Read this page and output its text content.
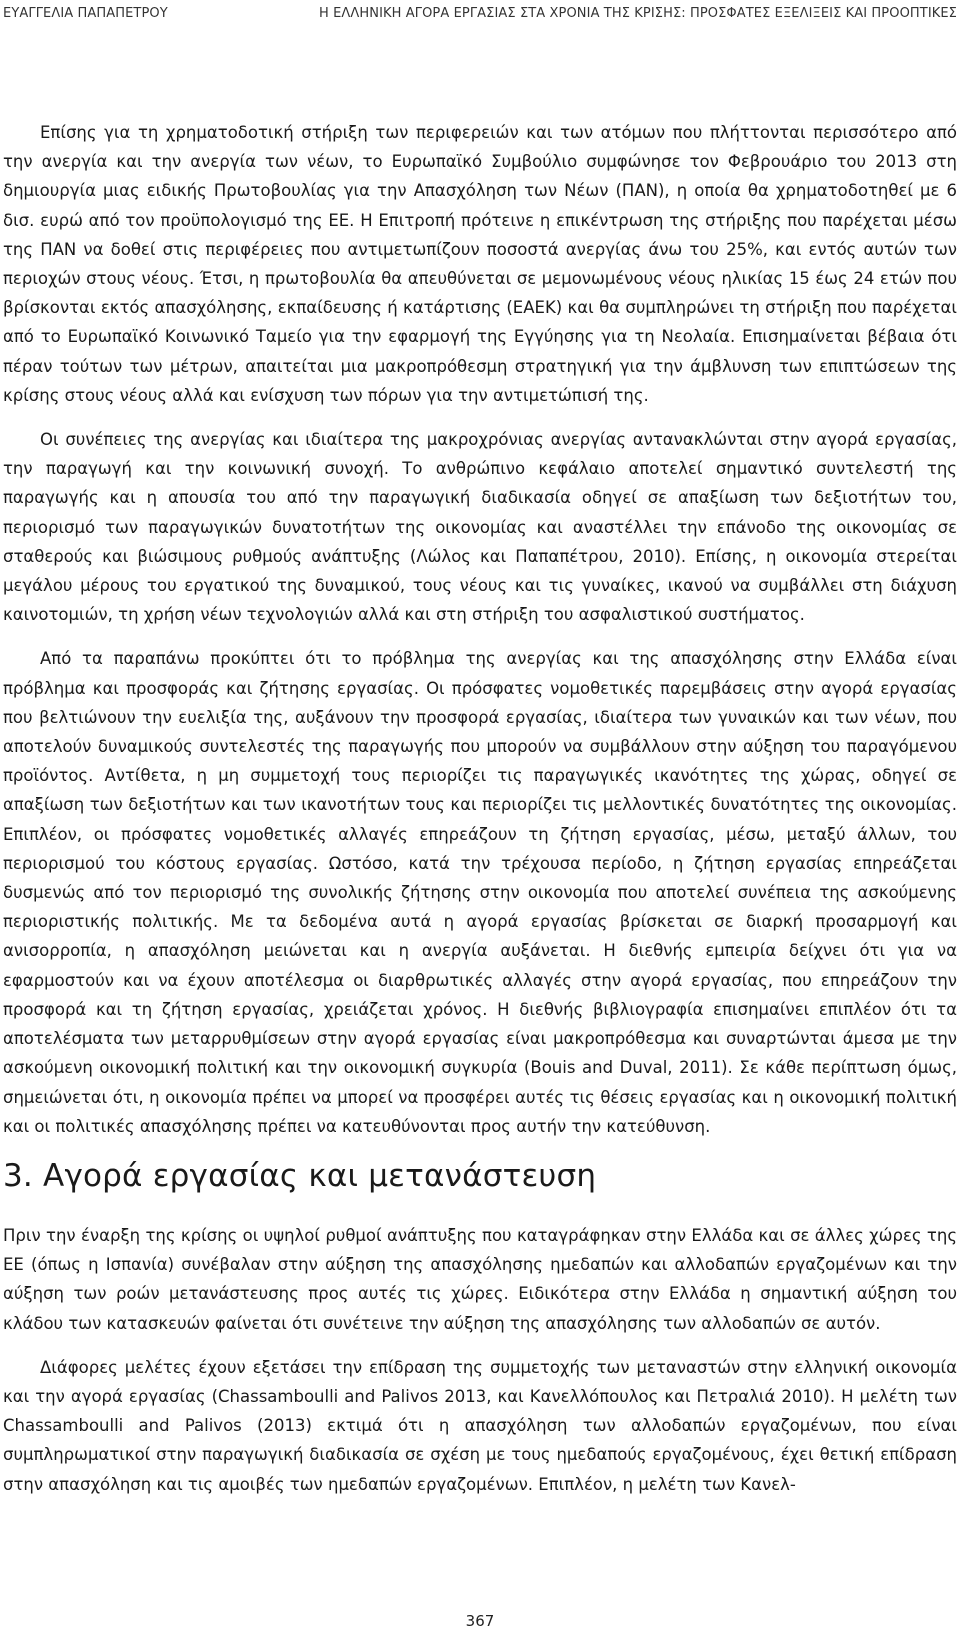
ΕΥΑΓΓΕΛΙΑ ΠΑΠΑΠΕΤΡΟΥ	Η ΕΛΛΗΝΙΚΗ ΑΓΟΡΑ ΕΡΓΑΣΙΑΣ ΣΤΑ ΧΡΟΝΙΑ ΤΗΣ ΚΡΙΣΗΣ: ΠΡΟΣΦΑΤΕΣ ΕΞΕΛΙΞΕΙΣ ΚΑΙ ΠΡΟΟΠΤΙΚΕΣ

Επίσης για τη χρηματοδοτική στήριξη των περιφερειών και των ατόμων που πλήττονται περισσότερο από την ανεργία και την ανεργία των νέων, το Ευρωπαϊκό Συμβούλιο συμφώνησε τον Φεβρουάριο του 2013 στη δημιουργία μιας ειδικής Πρωτοβουλίας για την Απασχόληση των Νέων (ΠΑΝ), η οποία θα χρηματοδοτηθεί με 6 δισ. ευρώ από τον προϋπολογισμό της ΕΕ. Η Επιτροπή πρότεινε η επικέντρωση της στήριξης που παρέχεται μέσω της ΠΑΝ να δοθεί στις περιφέρειες που αντιμετωπίζουν ποσοστά ανεργίας άνω του 25%, και εντός αυτών των περιοχών στους νέους. Έτσι, η πρωτοβουλία θα απευθύνεται σε μεμονωμένους νέους ηλικίας 15 έως 24 ετών που βρίσκονται εκτός απασχόλησης, εκπαίδευσης ή κατάρτισης (ΕΑΕΚ) και θα συμπληρώνει τη στήριξη που παρέχεται από το Ευρωπαϊκό Κοινωνικό Ταμείο για την εφαρμογή της Εγγύησης για τη Νεολαία. Επισημαίνεται βέβαια ότι πέραν τούτων των μέτρων, απαιτείται μια μακροπρόθεσμη στρατηγική για την άμβλυνση των επιπτώσεων της κρίσης στους νέους αλλά και ενίσχυση των πόρων για την αντιμετώπισή της.

Οι συνέπειες της ανεργίας και ιδιαίτερα της μακροχρόνιας ανεργίας αντανακλώνται στην αγορά εργασίας, την παραγωγή και την κοινωνική συνοχή. Το ανθρώπινο κεφάλαιο αποτελεί σημαντικό συντελεστή της παραγωγής και η απουσία του από την παραγωγική διαδικασία οδηγεί σε απαξίωση των δεξιοτήτων του, περιορισμό των παραγωγικών δυνατοτήτων της οικονομίας και αναστέλλει την επάνοδο της οικονομίας σε σταθερούς και βιώσιμους ρυθμούς ανάπτυξης (Λώλος και Παπαπέτρου, 2010). Επίσης, η οικονομία στερείται μεγάλου μέρους του εργατικού της δυναμικού, τους νέους και τις γυναίκες, ικανού να συμβάλλει στη διάχυση καινοτομιών, τη χρήση νέων τεχνολογιών αλλά και στη στήριξη του ασφαλιστικού συστήματος.

Από τα παραπάνω προκύπτει ότι το πρόβλημα της ανεργίας και της απασχόλησης στην Ελλάδα είναι πρόβλημα και προσφοράς και ζήτησης εργασίας. Οι πρόσφατες νομοθετικές παρεμβάσεις στην αγορά εργασίας που βελτιώνουν την ευελιξία της, αυξάνουν την προσφορά εργασίας, ιδιαίτερα των γυναικών και των νέων, που αποτελούν δυναμικούς συντελεστές της παραγωγής που μπορούν να συμβάλλουν στην αύξηση του παραγόμενου προϊόντος. Αντίθετα, η μη συμμετοχή τους περιορίζει τις παραγωγικές ικανότητες της χώρας, οδηγεί σε απαξίωση των δεξιοτήτων και των ικανοτήτων τους και περιορίζει τις μελλοντικές δυνατότητες της οικονομίας. Επιπλέον, οι πρόσφατες νομοθετικές αλλαγές επηρεάζουν τη ζήτηση εργασίας, μέσω, μεταξύ άλλων, του περιορισμού του κόστους εργασίας. Ωστόσο, κατά την τρέχουσα περίοδο, η ζήτηση εργασίας επηρεάζεται δυσμενώς από τον περιορισμό της συνολικής ζήτησης στην οικονομία που αποτελεί συνέπεια της ασκούμενης περιοριστικής πολιτικής. Με τα δεδομένα αυτά η αγορά εργασίας βρίσκεται σε διαρκή προσαρμογή και ανισορροπία, η απασχόληση μειώνεται και η ανεργία αυξάνεται. Η διεθνής εμπειρία δείχνει ότι για να εφαρμοστούν και να έχουν αποτέλεσμα οι διαρθρωτικές αλλαγές στην αγορά εργασίας, που επηρεάζουν την προσφορά και τη ζήτηση εργασίας, χρειάζεται χρόνος. Η διεθνής βιβλιογραφία επισημαίνει επιπλέον ότι τα αποτελέσματα των μεταρρυθμίσεων στην αγορά εργασίας είναι μακροπρόθεσμα και συναρτώνται άμεσα με την ασκούμενη οικονομική πολιτική και την οικονομική συγκυρία (Bouis and Duval, 2011). Σε κάθε περίπτωση όμως, σημειώνεται ότι, η οικονομία πρέπει να μπορεί να προσφέρει αυτές τις θέσεις εργασίας και η οικονομική πολιτική και οι πολιτικές απασχόλησης πρέπει να κατευθύνονται προς αυτήν την κατεύθυνση.

3. Αγορά εργασίας και μετανάστευση

Πριν την έναρξη της κρίσης οι υψηλοί ρυθμοί ανάπτυξης που καταγράφηκαν στην Ελλάδα και σε άλλες χώρες της ΕΕ (όπως η Ισπανία) συνέβαλαν στην αύξηση της απασχόλησης ημεδαπών και αλλοδαπών εργαζομένων και την αύξηση των ροών μετανάστευσης προς αυτές τις χώρες. Ειδικότερα στην Ελλάδα η σημαντική αύξηση του κλάδου των κατασκευών φαίνεται ότι συνέτεινε την αύξηση της απασχόλησης των αλλοδαπών σε αυτόν.

Διάφορες μελέτες έχουν εξετάσει την επίδραση της συμμετοχής των μεταναστών στην ελληνική οικονομία και την αγορά εργασίας (Chassamboulli and Palivos 2013, και Κανελλόπουλος και Πετραλιά 2010). Η μελέτη των Chassamboulli and Palivos (2013) εκτιμά ότι η απασχόληση των αλλοδαπών εργαζομένων, που είναι συμπληρωματικοί στην παραγωγική διαδικασία σε σχέση με τους ημεδαπούς εργαζομένους, έχει θετική επίδραση στην απασχόληση και τις αμοιβές των ημεδαπών εργαζομένων. Επιπλέον, η μελέτη των Κανελ-

367
